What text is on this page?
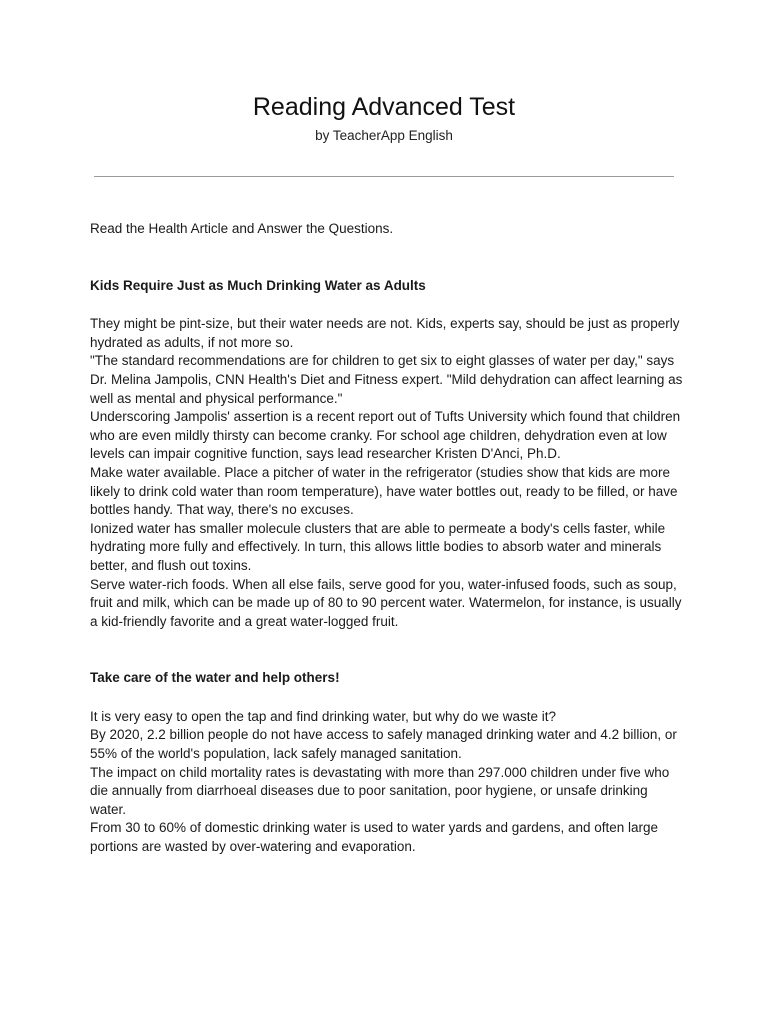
Reading Advanced Test
by TeacherApp English

Read the Health Article and Answer the Questions.

Kids Require Just as Much Drinking Water as Adults

They might be pint-size, but their water needs are not. Kids, experts say, should be just as properly hydrated as adults, if not more so.

"The standard recommendations are for children to get six to eight glasses of water per day," says Dr. Melina Jampolis, CNN Health's Diet and Fitness expert. "Mild dehydration can affect learning as well as mental and physical performance."

Underscoring Jampolis' assertion is a recent report out of Tufts University which found that children who are even mildly thirsty can become cranky. For school age children, dehydration even at low levels can impair cognitive function, says lead researcher Kristen D'Anci, Ph.D.

Make water available. Place a pitcher of water in the refrigerator (studies show that kids are more likely to drink cold water than room temperature), have water bottles out, ready to be filled, or have bottles handy. That way, there's no excuses.

Ionized water has smaller molecule clusters that are able to permeate a body's cells faster, while hydrating more fully and effectively. In turn, this allows little bodies to absorb water and minerals better, and flush out toxins.

Serve water-rich foods. When all else fails, serve good for you, water-infused foods, such as soup, fruit and milk, which can be made up of 80 to 90 percent water. Watermelon, for instance, is usually a kid-friendly favorite and a great water-logged fruit.

Take care of the water and help others!

It is very easy to open the tap and find drinking water, but why do we waste it?

By 2020, 2.2 billion people do not have access to safely managed drinking water and 4.2 billion, or 55% of the world's population, lack safely managed sanitation.

The impact on child mortality rates is devastating with more than 297.000 children under five who die annually from diarrhoeal diseases due to poor sanitation, poor hygiene, or unsafe drinking water.

From 30 to 60% of domestic drinking water is used to water yards and gardens, and often large portions are wasted by over-watering and evaporation.
